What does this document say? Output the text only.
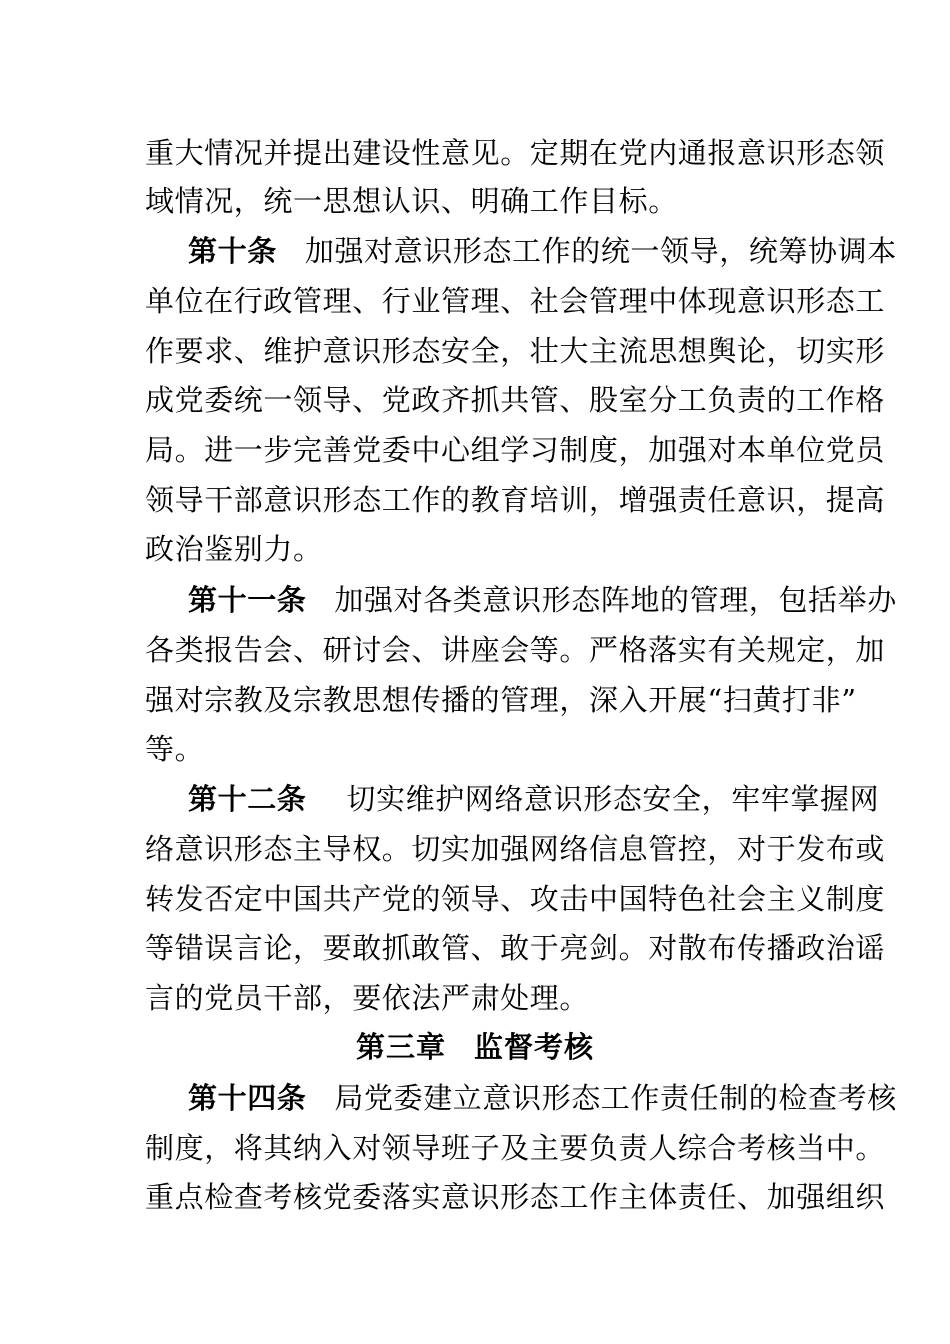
重大情况并提出建设性意见。定期在党内通报意识形态领
域情况，统一思想认识、明确工作目标。
第十条 加强对意识形态工作的统一领导，统筹协调本
单位在行政管理、行业管理、社会管理中体现意识形态工
作要求、维护意识形态安全，壮大主流思想舆论，切实形
成党委统一领导、党政齐抓共管、股室分工负责的工作格
局。进一步完善党委中心组学习制度，加强对本单位党员
领导干部意识形态工作的教育培训，增强责任意识，提高
政治鉴别力。
第十一条 加强对各类意识形态阵地的管理，包括举办
各类报告会、研讨会、讲座会等。严格落实有关规定，加
强对宗教及宗教思想传播的管理，深入开展“扫黄打非”
等。
第十二条 切实维护网络意识形态安全，牢牢掌握网
络意识形态主导权。切实加强网络信息管控，对于发布或
转发否定中国共产党的领导、攻击中国特色社会主义制度
等错误言论，要敢抓敢管、敢于亮剑。对散布传播政治谣
言的党员干部，要依法严肃处理。
第三章 监督考核
第十四条 局党委建立意识形态工作责任制的检查考核
制度，将其纳入对领导班子及主要负责人综合考核当中。
重点检查考核党委落实意识形态工作主体责任、加强组织
